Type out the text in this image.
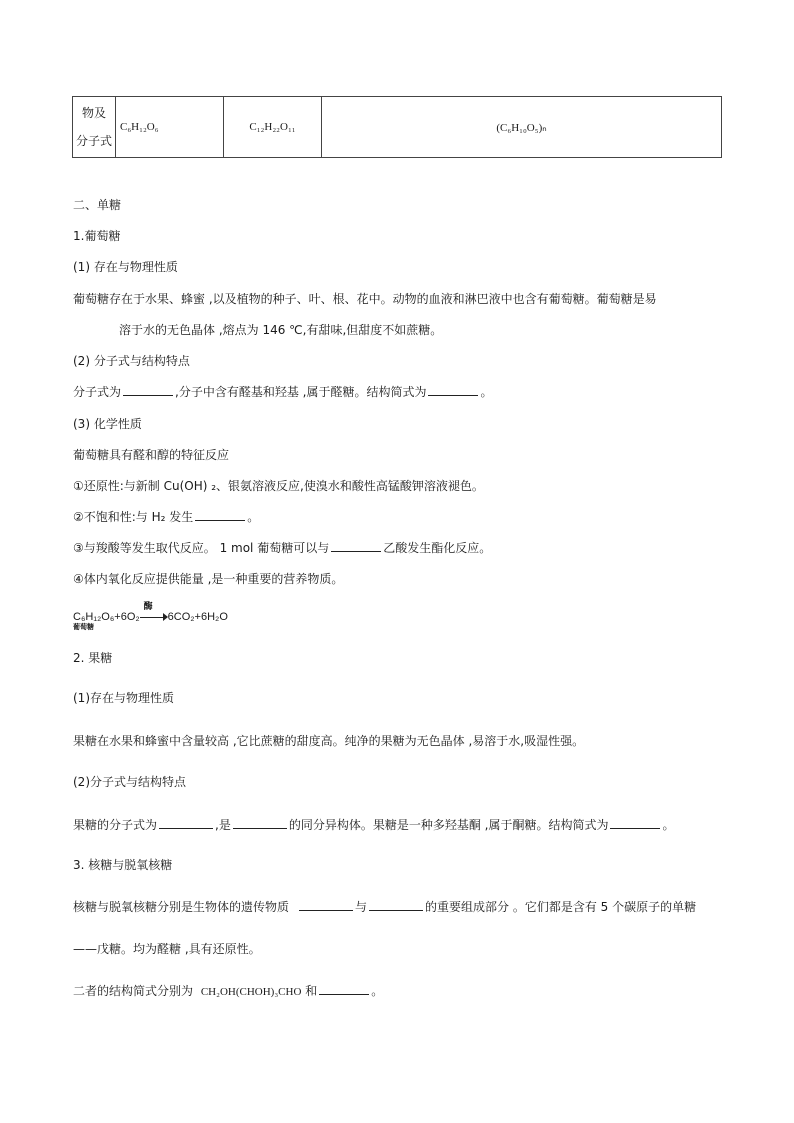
物及
分子式
	C₆H₁₂O₆	C₁₂H₂₂O₁₁	(C₆H₁₀O₅)ₙ
二、单糖
1.葡萄糖
(1) 存在与物理性质
葡萄糖存在于水果、蜂蜜 ,以及植物的种子、叶、根、花中。动物的血液和淋巴液中也含有葡萄糖。葡萄糖是易
溶于水的无色晶体 ,熔点为 146 ℃,有甜味,但甜度不如蔗糖。
(2) 分子式与结构特点
分子式为	,分子中含有醛基和羟基 ,属于醛糖。结构简式为	。
(3) 化学性质
葡萄糖具有醛和醇的特征反应
①还原性:与新制 Cu(OH) ₂、银氨溶液反应,使溴水和酸性高锰酸钾溶液褪色。
②不饱和性:与 H₂ 发生	。
③与羧酸等发生取代反应。 1 mol 葡萄糖可以与	乙酸发生酯化反应。
④体内氧化反应提供能量 ,是一种重要的营养物质。
C₆H₁₂O₆+6O₂
酶
6CO₂+6H₂O
葡萄糖
2. 果糖
(1)存在与物理性质
果糖在水果和蜂蜜中含量较高 ,它比蔗糖的甜度高。纯净的果糖为无色晶体 ,易溶于水,吸湿性强。
(2)分子式与结构特点
果糖的分子式为	,是	的同分异构体。果糖是一种多羟基酮 ,属于酮糖。结构简式为	。
3. 核糖与脱氧核糖
核糖与脱氧核糖分别是生物体的遗传物质	与	的重要组成部分 。它们都是含有 5 个碳原子的单糖
——戊糖。均为醛糖 ,具有还原性。
二者的结构简式分别为 CH₂OH(CHOH)₃CHO 和	。
